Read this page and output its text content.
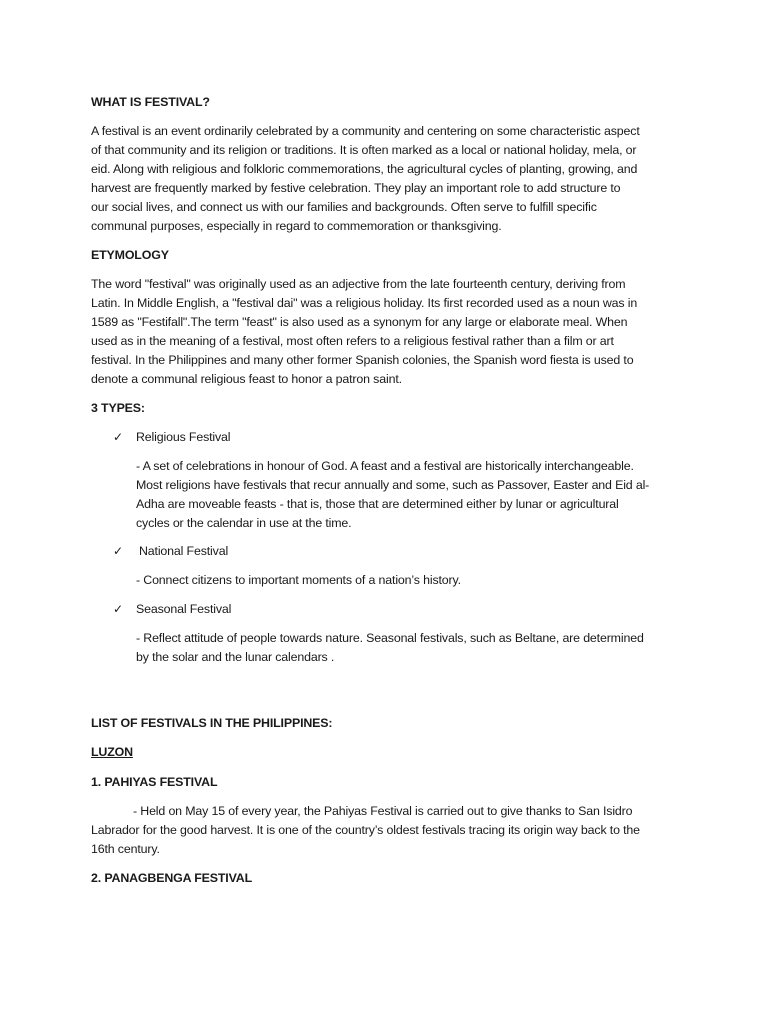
WHAT IS FESTIVAL?

A festival is an event ordinarily celebrated by a community and centering on some characteristic aspect

of that community and its religion or traditions. It is often marked as a local or national holiday, mela, or

eid. Along with religious and folkloric commemorations, the agricultural cycles of planting, growing, and

harvest are frequently marked by festive celebration. They play an important role to add structure to

our social lives, and connect us with our families and backgrounds. Often serve to fulfill specific

communal purposes, especially in regard to commemoration or thanksgiving.

ETYMOLOGY

The word "festival" was originally used as an adjective from the late fourteenth century, deriving from

Latin. In Middle English, a "festival dai" was a religious holiday. Its first recorded used as a noun was in

1589 as "Festifall".The term "feast" is also used as a synonym for any large or elaborate meal. When

used as in the meaning of a festival, most often refers to a religious festival rather than a film or art

festival. In the Philippines and many other former Spanish colonies, the Spanish word fiesta is used to

denote a communal religious feast to honor a patron saint.

3 TYPES:

✓ Religious Festival

- A set of celebrations in honour of God. A feast and a festival are historically interchangeable.

Most religions have festivals that recur annually and some, such as Passover, Easter and Eid al-

Adha are moveable feasts - that is, those that are determined either by lunar or agricultural

cycles or the calendar in use at the time.

✓ National Festival

- Connect citizens to important moments of a nation’s history.

✓ Seasonal Festival

- Reflect attitude of people towards nature. Seasonal festivals, such as Beltane, are determined

by the solar and the lunar calendars .

LIST OF FESTIVALS IN THE PHILIPPINES:

LUZON

1. PAHIYAS FESTIVAL

- Held on May 15 of every year, the Pahiyas Festival is carried out to give thanks to San Isidro

Labrador for the good harvest. It is one of the country’s oldest festivals tracing its origin way back to the

16th century.

2. PANAGBENGA FESTIVAL
